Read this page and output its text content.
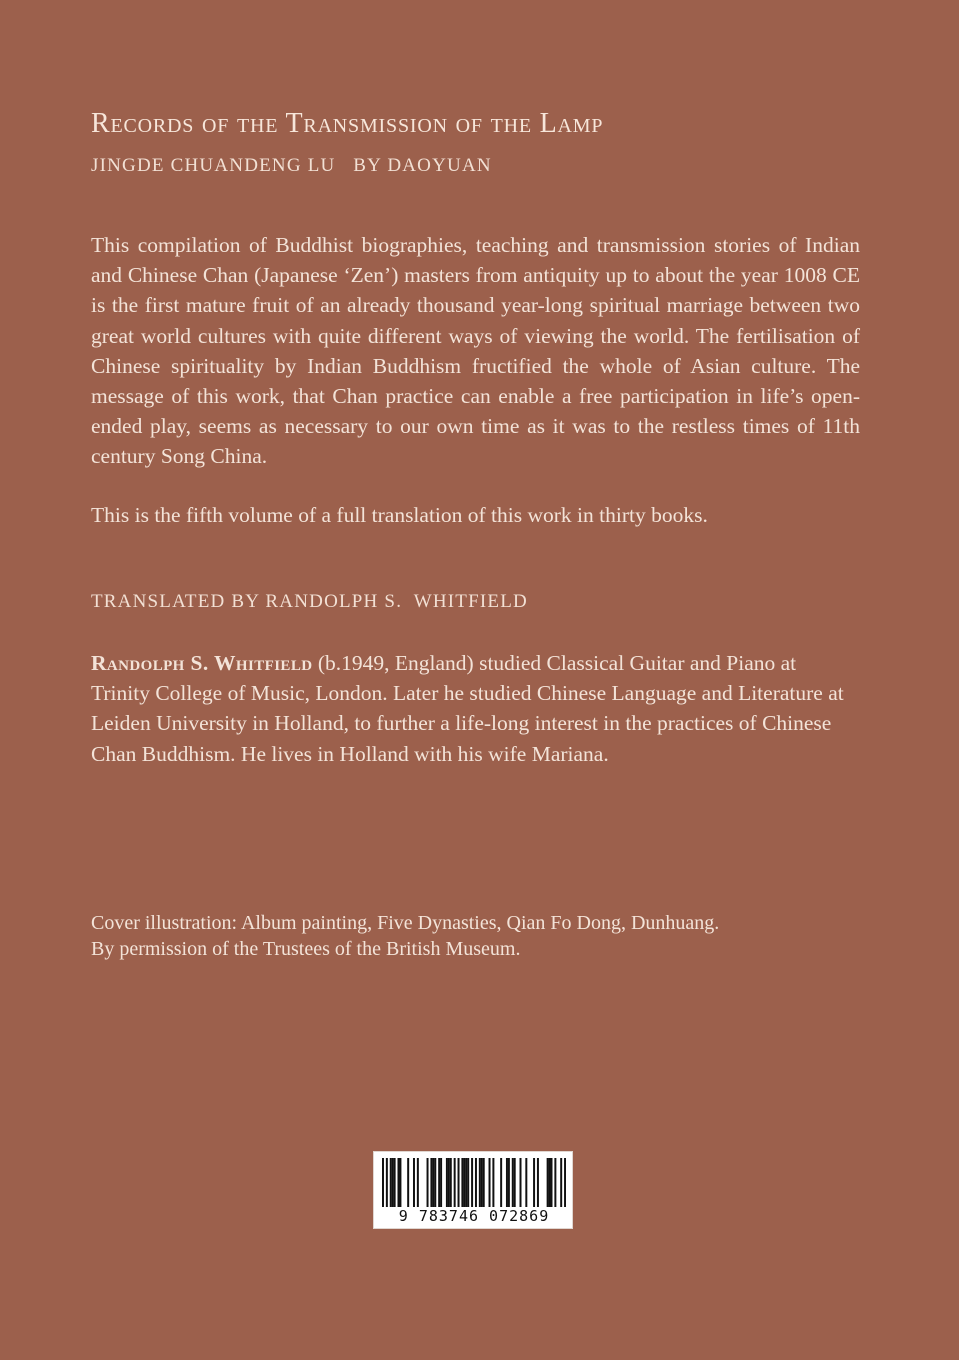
Records of the Transmission of the Lamp
JINGDE CHUANDENG LU   BY DAOYUAN
This compilation of Buddhist biographies, teaching and transmission stories of Indian and Chinese Chan (Japanese ‘Zen’) masters from antiquity up to about the year 1008 CE is the first mature fruit of an already thousand year-long spiritual marriage between two great world cultures with quite different ways of viewing the world. The fertilisation of Chinese spirituality by Indian Buddhism fructified the whole of Asian culture. The message of this work, that Chan practice can enable a free participation in life’s open-ended play, seems as necessary to our own time as it was to the restless times of 11th century Song China.
This is the fifth volume of a full translation of this work in thirty books.
TRANSLATED BY RANDOLPH S.  WHITFIELD
Randolph S. Whitfield (b.1949, England) studied Classical Guitar and Piano at Trinity College of Music, London. Later he studied Chinese Language and Literature at Leiden University in Holland, to further a life-long interest in the practices of Chinese Chan Buddhism. He lives in Holland with his wife Mariana.
Cover illustration: Album painting, Five Dynasties, Qian Fo Dong, Dunhuang.
By permission of the Trustees of the British Museum.
9 783746 072869
